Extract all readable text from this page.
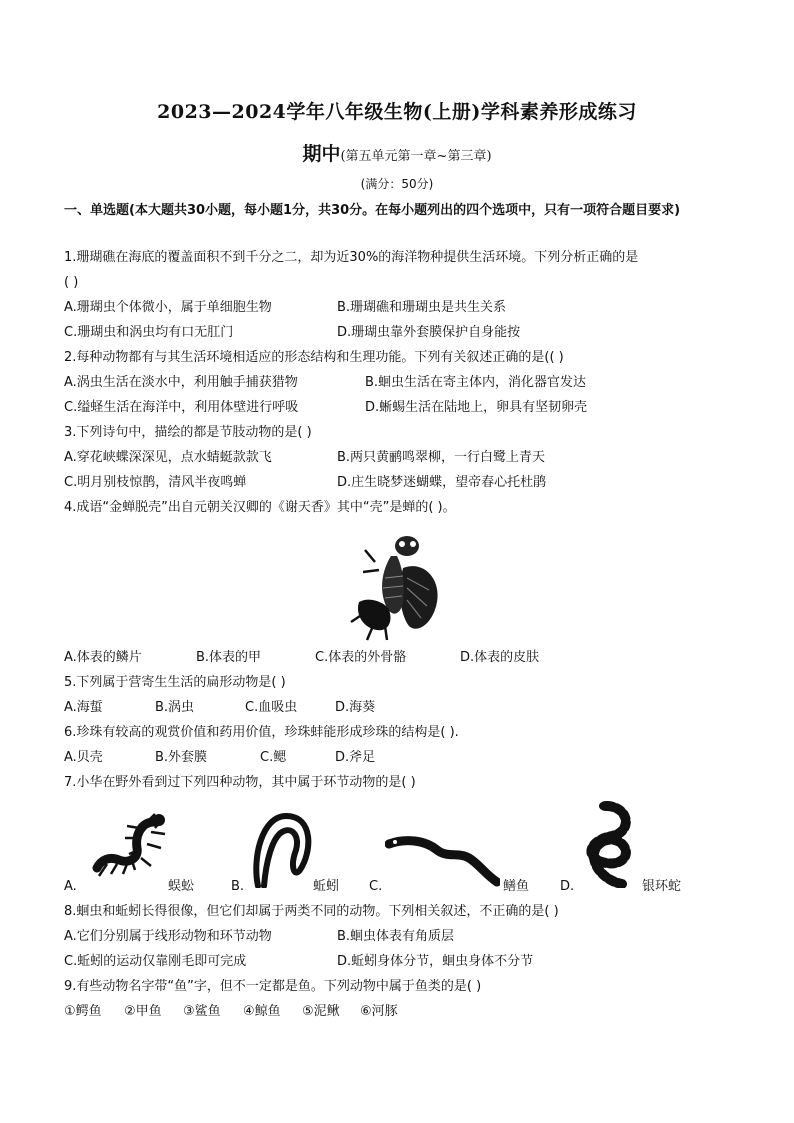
2023—2024学年八年级生物(上册)学科素养形成练习
期中(第五单元第一章~第三章)
(满分：50分)
一、单选题(本大题共30小题，每小题1分，共30分。在每小题列出的四个选项中，只有一项符合题目要求)
1.珊瑚礁在海底的覆盖面积不到千分之二，却为近30%的海洋物种提供生活环境。下列分析正确的是
( )
A.珊瑚虫个体微小，属于单细胞生物	B.珊瑚礁和珊瑚虫是共生关系
C.珊瑚虫和涡虫均有口无肛门	D.珊瑚虫靠外套膜保护自身能按
2.每种动物都有与其生活环境相适应的形态结构和生理功能。下列有关叙述正确的是(( )
A.涡虫生活在淡水中，利用触手捕获猎物	B.蛔虫生活在寄主体内，消化器官发达
C.缢蛏生活在海洋中，利用体壁进行呼吸	D.蜥蜴生活在陆地上，卵具有坚韧卵壳
3.下列诗句中，描绘的都是节肢动物的是( )
A.穿花峡蝶深深见，点水蜻蜓款款飞	B.两只黄鹂鸣翠柳，一行白鹭上青天
C.明月别枝惊鹊，清风半夜鸣蝉	D.庄生晓梦迷蝴蝶，望帝春心托杜鹃
4.成语“金蝉脱壳”出自元朝关汉卿的《谢天香》其中“壳”是蝉的( )。
A.体表的鳞片	B.体表的甲	C.体表的外骨骼	D.体表的皮肤
5.下列属于营寄生生活的扁形动物是( )
A.海蜇	B.涡虫	C.血吸虫	D.海葵
6.珍珠有较高的观赏价值和药用价值，珍珠蚌能形成珍珠的结构是( ).
A.贝壳	B.外套膜	C.鳃	D.斧足
7.小华在野外看到过下列四种动物，其中属于环节动物的是( )
A.	蜈蚣	B.	蚯蚓 C.	鳝鱼 D.	银环蛇
8.蛔虫和蚯蚓长得很像，但它们却属于两类不同的动物。下列相关叙述，不正确的是( )
A.它们分别属于线形动物和环节动物	B.蛔虫体表有角质层
C.蚯蚓的运动仅靠刚毛即可完成	D.蚯蚓身体分节，蛔虫身体不分节
9.有些动物名字带“鱼”字，但不一定都是鱼。下列动物中属于鱼类的是( )
①鳄鱼 ②甲鱼 ③鲨鱼 ④鲸鱼 ⑤泥鳅 ⑥河豚
